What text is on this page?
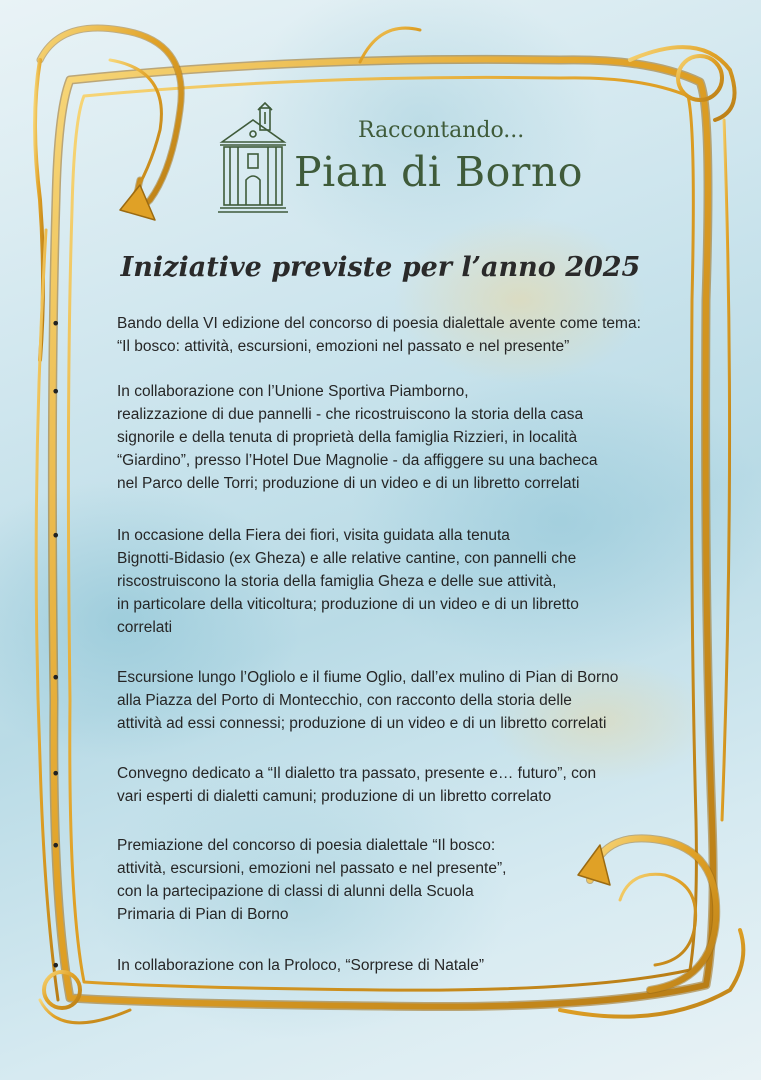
Raccontando...
Pian di Borno
Iniziative previste per l’anno 2025
•	Bando della VI edizione del concorso di poesia dialettale avente come tema:
“Il bosco: attività, escursioni, emozioni nel passato e nel presente”

•	In collaborazione con l’Unione Sportiva Piamborno,
realizzazione di due pannelli - che ricostruiscono la storia della casa
signorile e della tenuta di proprietà della famiglia Rizzieri, in località
“Giardino”, presso l’Hotel Due Magnolie - da affiggere su una bacheca
nel Parco delle Torri; produzione di un video e di un libretto correlati

•	In occasione della Fiera dei fiori, visita guidata alla tenuta
Bignotti-Bidasio (ex Gheza) e alle relative cantine, con pannelli che
riscostruiscono la storia della famiglia Gheza e delle sue attività,
in particolare della viticoltura; produzione di un video e di un libretto
correlati

•	Escursione lungo l’Ogliolo e il fiume Oglio, dall’ex mulino di Pian di Borno
alla Piazza del Porto di Montecchio, con racconto della storia delle
attività ad essi connessi; produzione di un video e di un libretto correlati

•	Convegno dedicato a “Il dialetto tra passato, presente e… futuro”, con
vari esperti di dialetti camuni; produzione di un libretto correlato

•	Premiazione del concorso di poesia dialettale “Il bosco:
attività, escursioni, emozioni nel passato e nel presente”,
con la partecipazione di classi di alunni della Scuola
Primaria di Pian di Borno

•	In collaborazione con la Proloco, “Sorprese di Natale”
